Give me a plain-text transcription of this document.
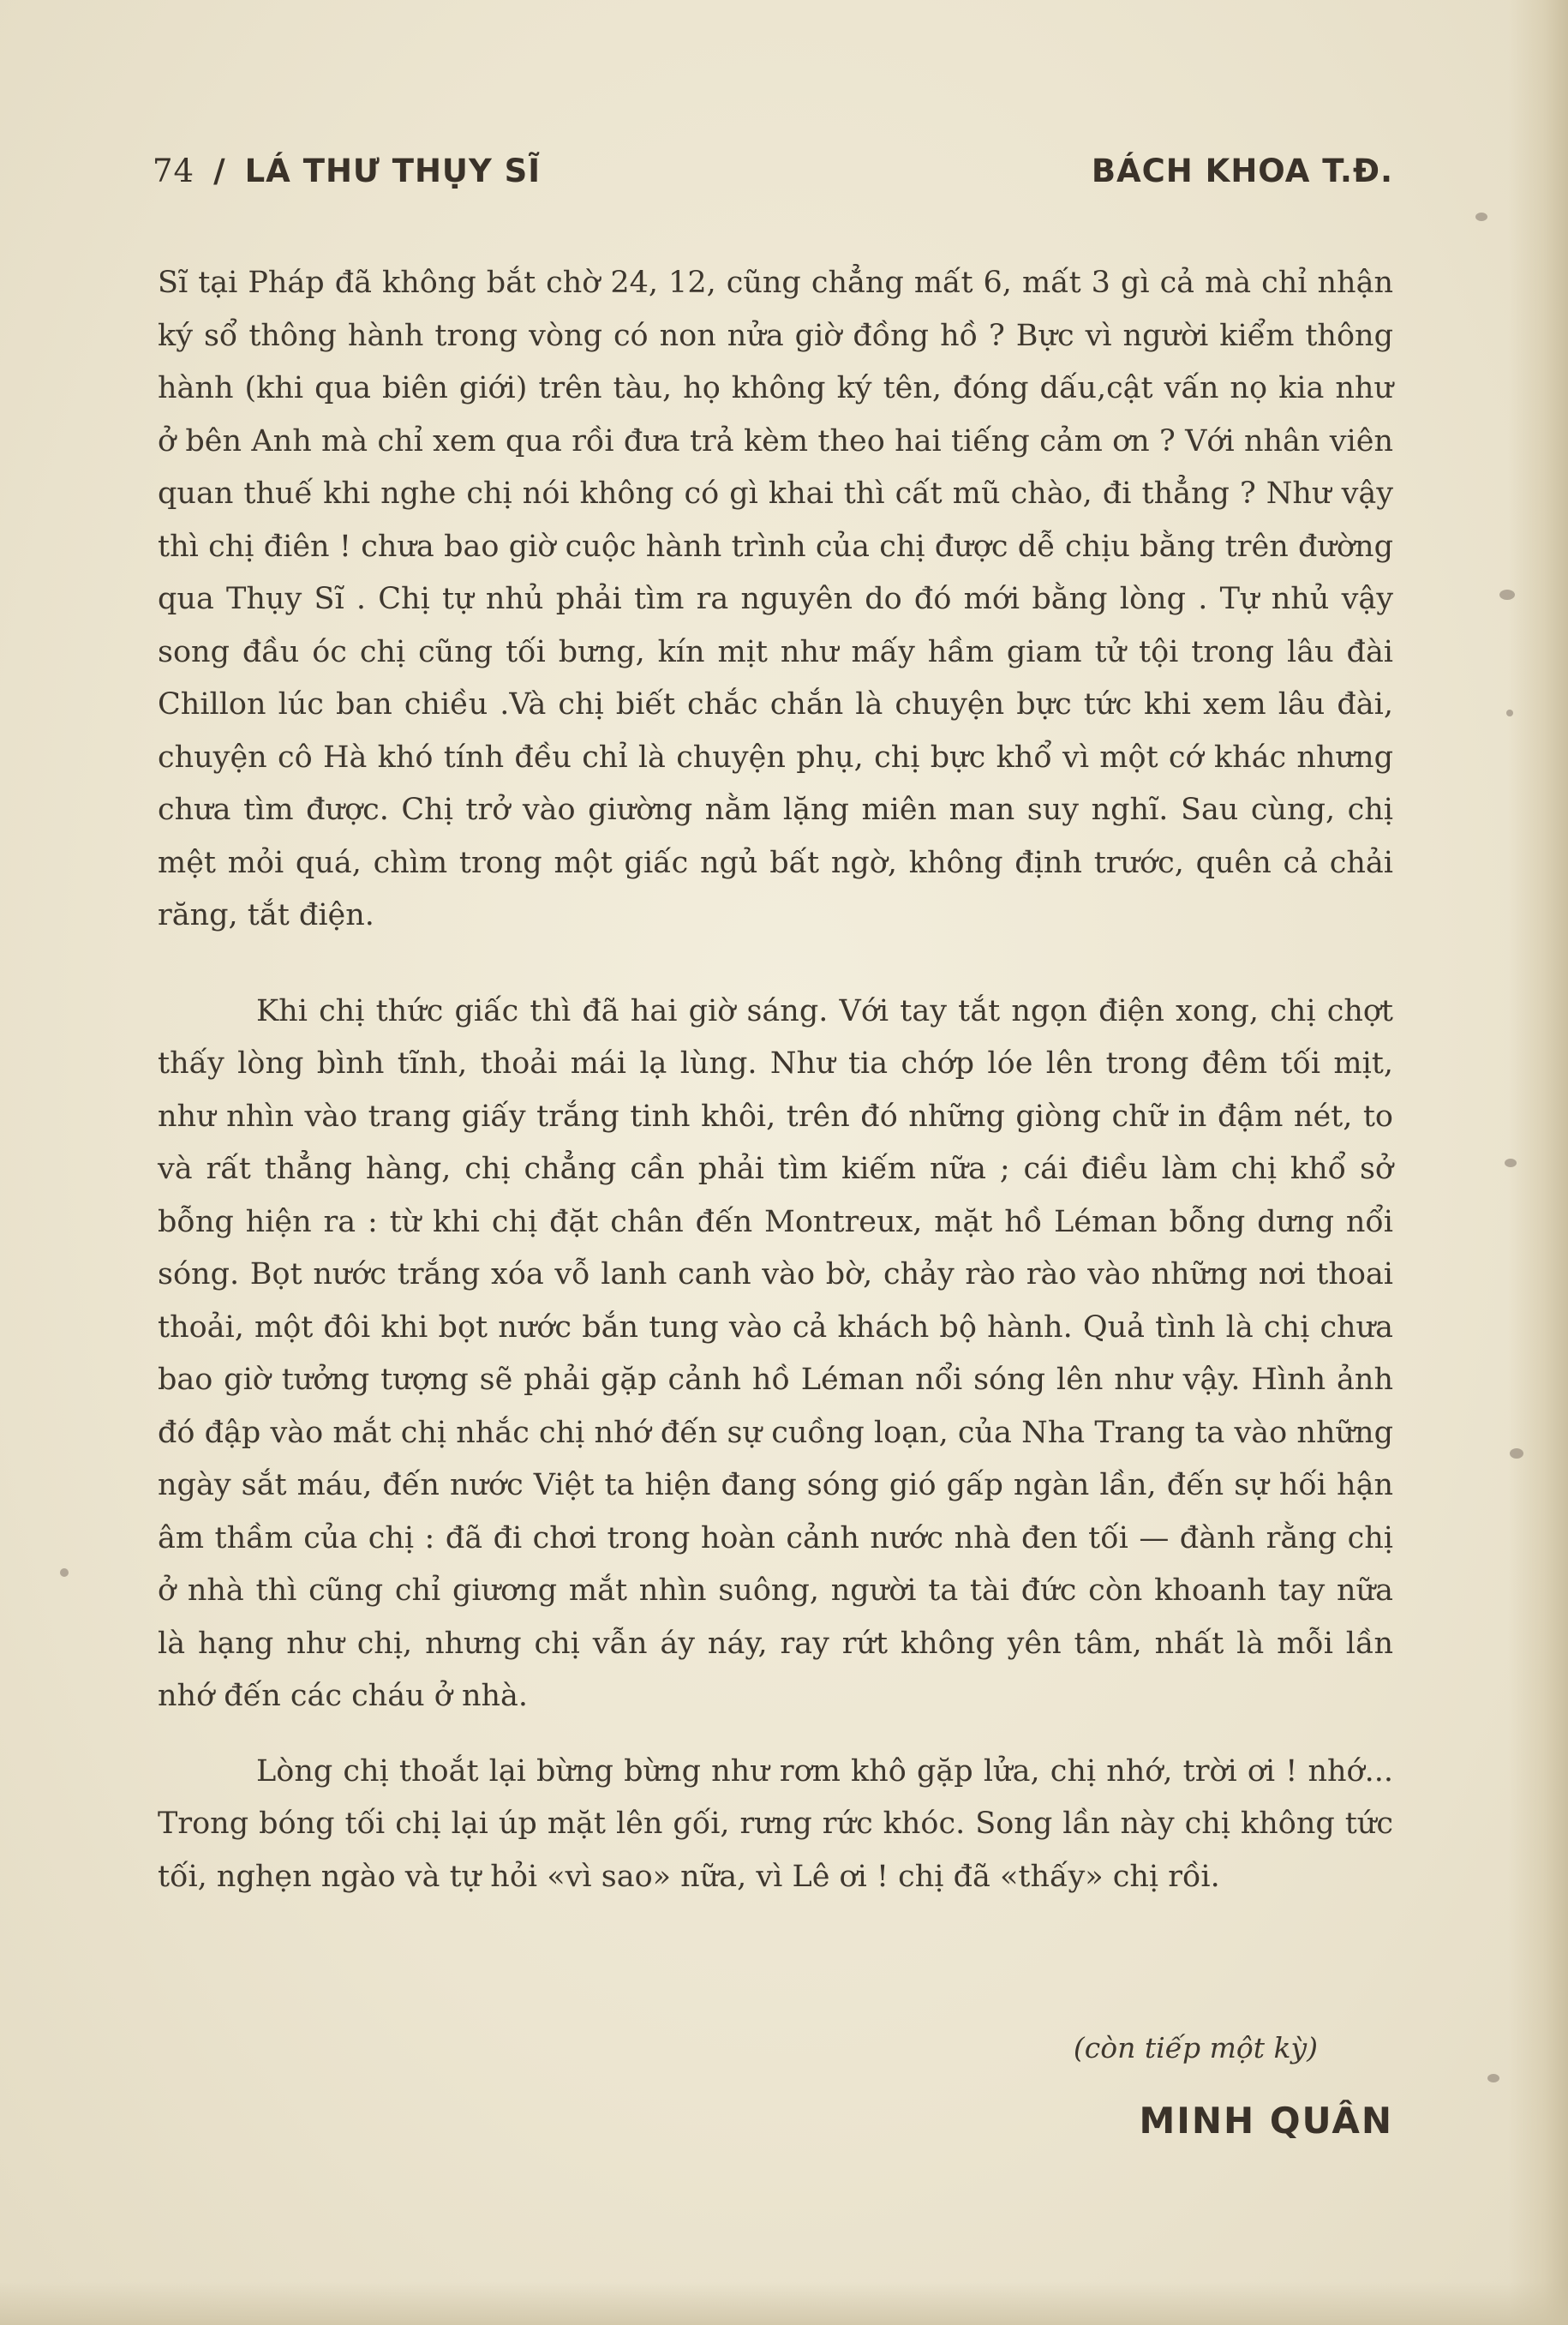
74 / LÁ THƯ THỤY SĨ	BÁCH KHOA T.Đ.

Sĩ tại Pháp đã không bắt chờ 24, 12, cũng chẳng mất 6, mất 3 gì cả mà chỉ nhận ký sổ thông hành trong vòng có non nửa giờ đồng hồ ? Bực vì người kiểm thông hành (khi qua biên giới) trên tàu, họ không ký tên, đóng dấu,cật vấn nọ kia như ở bên Anh mà chỉ xem qua rồi đưa trả kèm theo hai tiếng cảm ơn ? Với nhân viên quan thuế khi nghe chị nói không có gì khai thì cất mũ chào, đi thẳng ? Như vậy thì chị điên ! chưa bao giờ cuộc hành trình của chị được dễ chịu bằng trên đường qua Thụy Sĩ . Chị tự nhủ phải tìm ra nguyên do đó mới bằng lòng . Tự nhủ vậy song đầu óc chị cũng tối bưng, kín mịt như mấy hầm giam tử tội trong lâu đài Chillon lúc ban chiều .Và chị biết chắc chắn là chuyện bực tức khi xem lâu đài, chuyện cô Hà khó tính đều chỉ là chuyện phụ, chị bực khổ vì một cớ khác nhưng chưa tìm được. Chị trở vào giường nằm lặng miên man suy nghĩ. Sau cùng, chị mệt mỏi quá, chìm trong một giấc ngủ bất ngờ, không định trước, quên cả chải răng, tắt điện.

Khi chị thức giấc thì đã hai giờ sáng. Với tay tắt ngọn điện xong, chị chợt thấy lòng bình tĩnh, thoải mái lạ lùng. Như tia chớp lóe lên trong đêm tối mịt, như nhìn vào trang giấy trắng tinh khôi, trên đó những giòng chữ in đậm nét, to và rất thẳng hàng, chị chẳng cần phải tìm kiếm nữa ; cái điều làm chị khổ sở bỗng hiện ra : từ khi chị đặt chân đến Montreux, mặt hồ Léman bỗng dưng nổi sóng. Bọt nước trắng xóa vỗ lanh canh vào bờ, chảy rào rào vào những nơi thoai thoải, một đôi khi bọt nước bắn tung vào cả khách bộ hành. Quả tình là chị chưa bao giờ tưởng tượng sẽ phải gặp cảnh hồ Léman nổi sóng lên như vậy. Hình ảnh đó đập vào mắt chị nhắc chị nhớ đến sự cuồng loạn, của Nha Trang ta vào những ngày sắt máu, đến nước Việt ta hiện đang sóng gió gấp ngàn lần, đến sự hối hận âm thầm của chị : đã đi chơi trong hoàn cảnh nước nhà đen tối — đành rằng chị ở nhà thì cũng chỉ giương mắt nhìn suông, người ta tài đức còn khoanh tay nữa là hạng như chị, nhưng chị vẫn áy náy, ray rứt không yên tâm, nhất là mỗi lần nhớ đến các cháu ở nhà.

Lòng chị thoắt lại bừng bừng như rơm khô gặp lửa, chị nhớ, trời ơi ! nhớ... Trong bóng tối chị lại úp mặt lên gối, rưng rức khóc. Song lần này chị không tức tối, nghẹn ngào và tự hỏi «vì sao» nữa, vì Lê ơi ! chị đã «thấy» chị rồi.

(còn tiếp một kỳ)
MINH QUÂN
